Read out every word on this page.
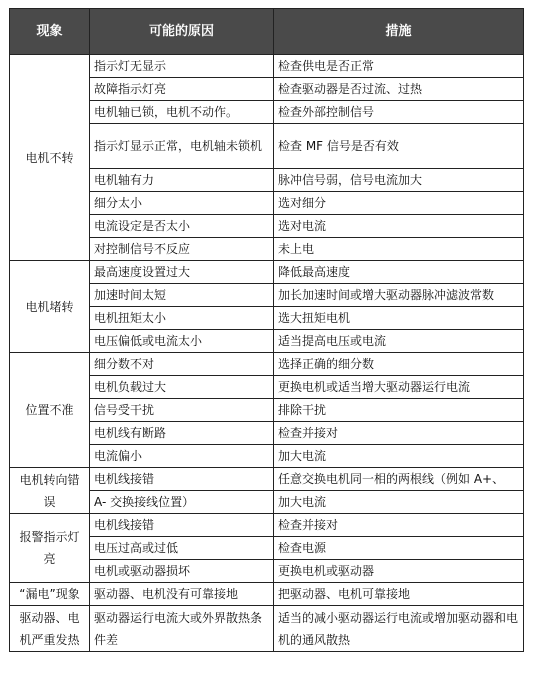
现象	可能的原因	措施
电机不转	指示灯无显示	检查供电是否正常
	故障指示灯亮	检查驱动器是否过流、过热
	电机轴已锁，电机不动作。	检查外部控制信号
	指示灯显示正常，电机轴未锁机	检查 MF 信号是否有效
	电机轴有力	脉冲信号弱，信号电流加大
	细分太小	选对细分
	电流设定是否太小	选对电流
	对控制信号不反应	未上电
电机堵转	最高速度设置过大	降低最高速度
	加速时间太短	加长加速时间或增大驱动器脉冲滤波常数
	电机扭矩太小	选大扭矩电机
	电压偏低或电流太小	适当提高电压或电流
位置不准	细分数不对	选择正确的细分数
	电机负载过大	更换电机或适当增大驱动器运行电流
	信号受干扰	排除干扰
	电机线有断路	检查并接对
	电流偏小	加大电流
电机转向错误	电机线接错	任意交换电机同一相的两根线（例如 A+、
	A- 交换接线位置）	加大电流
报警指示灯亮	电机线接错	检查并接对
	电压过高或过低	检查电源
	电机或驱动器损坏	更换电机或驱动器
“漏电”现象	驱动器、电机没有可靠接地	把驱动器、电机可靠接地
驱动器、电机严重发热	驱动器运行电流大或外界散热条件差	适当的减小驱动器运行电流或增加驱动器和电机的通风散热
